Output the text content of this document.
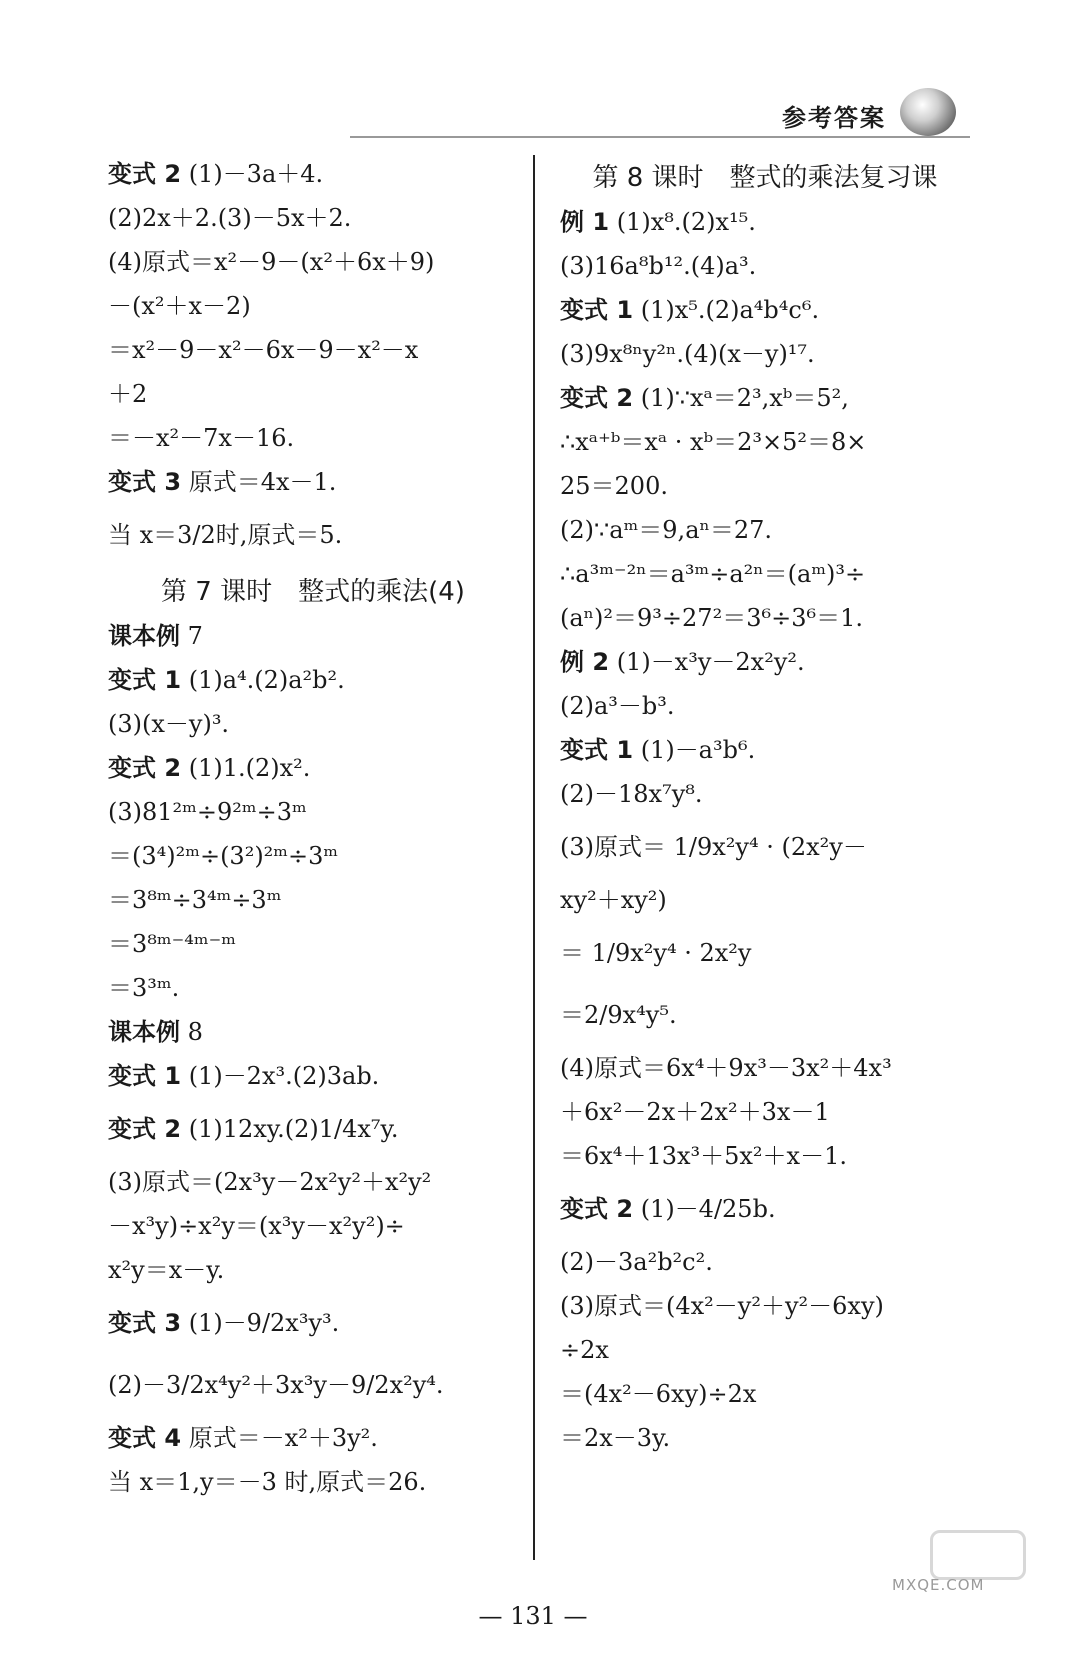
参考答案
变式 2 (1)－3a＋4.
(2)2x＋2.(3)－5x＋2.
(4)原式＝x²－9－(x²＋6x＋9)
－(x²＋x－2)
＝x²－9－x²－6x－9－x²－x
＋2
＝－x²－7x－16.
变式 3 原式＝4x－1.
当 x＝3/2时,原式＝5.
第 7 课时　整式的乘法(4)
课本例 7
变式 1 (1)a⁴.(2)a²b².
(3)(x－y)³.
变式 2 (1)1.(2)x².
(3)81²ᵐ÷9²ᵐ÷3ᵐ
＝(3⁴)²ᵐ÷(3²)²ᵐ÷3ᵐ
＝3⁸ᵐ÷3⁴ᵐ÷3ᵐ
＝3⁸ᵐ⁻⁴ᵐ⁻ᵐ
＝3³ᵐ.
课本例 8
变式 1 (1)－2x³.(2)3ab.
变式 2 (1)12xy.(2)1/4x⁷y.
(3)原式＝(2x³y－2x²y²＋x²y²
－x³y)÷x²y＝(x³y－x²y²)÷
x²y＝x－y.
变式 3 (1)－9/2x³y³.
(2)－3/2x⁴y²＋3x³y－9/2x²y⁴.
变式 4 原式＝－x²＋3y².
当 x＝1,y＝－3 时,原式＝26.
第 8 课时　整式的乘法复习课
例 1 (1)x⁸.(2)x¹⁵.
(3)16a⁸b¹².(4)a³.
变式 1 (1)x⁵.(2)a⁴b⁴c⁶.
(3)9x⁸ⁿy²ⁿ.(4)(x－y)¹⁷.
变式 2 (1)∵xᵃ＝2³,xᵇ＝5²,
∴xᵃ⁺ᵇ＝xᵃ · xᵇ＝2³×5²＝8×
25＝200.
(2)∵aᵐ＝9,aⁿ＝27.
∴a³ᵐ⁻²ⁿ＝a³ᵐ÷a²ⁿ＝(aᵐ)³÷
(aⁿ)²＝9³÷27²＝3⁶÷3⁶＝1.
例 2 (1)－x³y－2x²y².
(2)a³－b³.
变式 1 (1)－a³b⁶.
(2)－18x⁷y⁸.
(3)原式＝ 1/9x²y⁴ · (2x²y－
xy²＋xy²)
＝ 1/9x²y⁴ · 2x²y
＝2/9x⁴y⁵.
(4)原式＝6x⁴＋9x³－3x²＋4x³
＋6x²－2x＋2x²＋3x－1
＝6x⁴＋13x³＋5x²＋x－1.
变式 2 (1)－4/25b.
(2)－3a²b²c².
(3)原式＝(4x²－y²＋y²－6xy)
÷2x
＝(4x²－6xy)÷2x
＝2x－3y.
— 131 —
MXQE.COM
